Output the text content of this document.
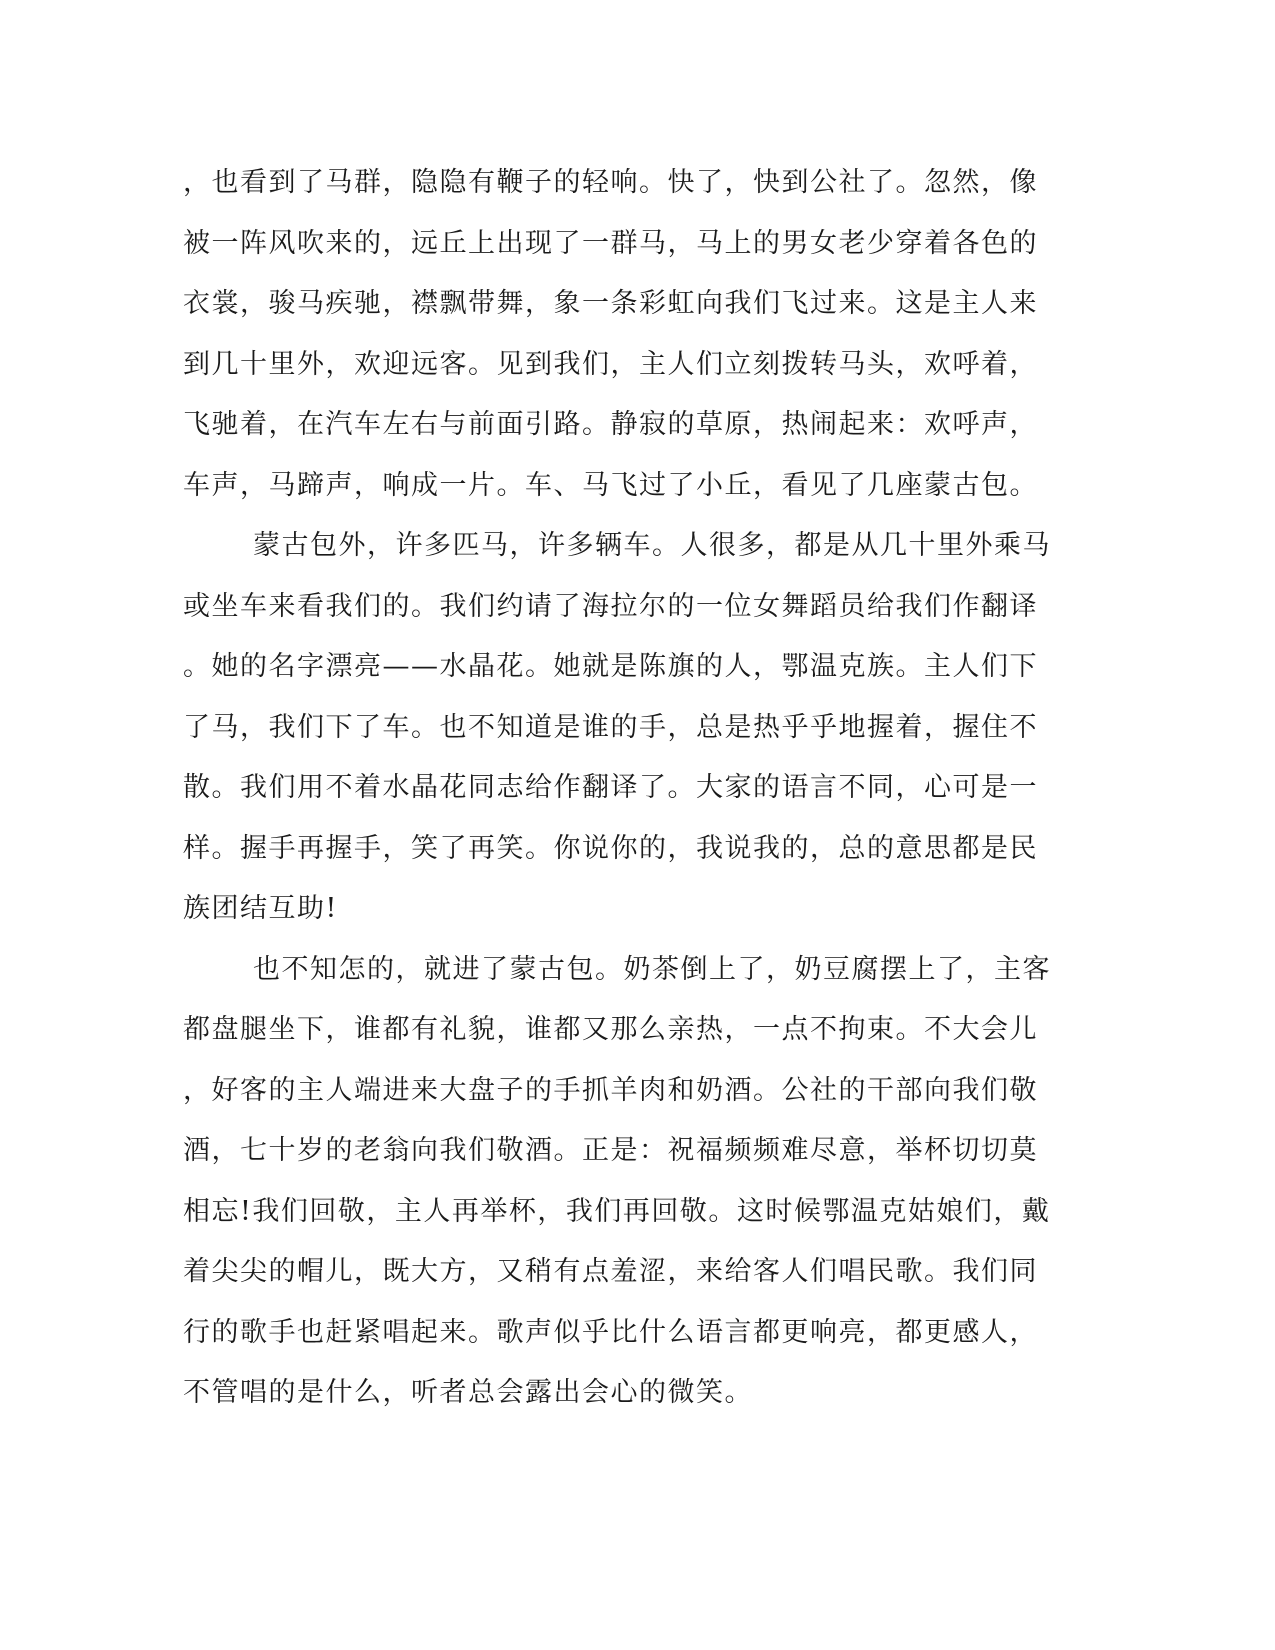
，也看到了马群，隐隐有鞭子的轻响。快了，快到公社了。忽然，像
被一阵风吹来的，远丘上出现了一群马，马上的男女老少穿着各色的
衣裳，骏马疾驰，襟飘带舞，象一条彩虹向我们飞过来。这是主人来
到几十里外，欢迎远客。见到我们，主人们立刻拨转马头，欢呼着，
飞驰着，在汽车左右与前面引路。静寂的草原，热闹起来：欢呼声，
车声，马蹄声，响成一片。车、马飞过了小丘，看见了几座蒙古包。
蒙古包外，许多匹马，许多辆车。人很多，都是从几十里外乘马
或坐车来看我们的。我们约请了海拉尔的一位女舞蹈员给我们作翻译
。她的名字漂亮——水晶花。她就是陈旗的人，鄂温克族。主人们下
了马，我们下了车。也不知道是谁的手，总是热乎乎地握着，握住不
散。我们用不着水晶花同志给作翻译了。大家的语言不同，心可是一
样。握手再握手，笑了再笑。你说你的，我说我的，总的意思都是民
族团结互助!
也不知怎的，就进了蒙古包。奶茶倒上了，奶豆腐摆上了，主客
都盘腿坐下，谁都有礼貌，谁都又那么亲热，一点不拘束。不大会儿
，好客的主人端进来大盘子的手抓羊肉和奶酒。公社的干部向我们敬
酒，七十岁的老翁向我们敬酒。正是：祝福频频难尽意，举杯切切莫
相忘!我们回敬，主人再举杯，我们再回敬。这时候鄂温克姑娘们，戴
着尖尖的帽儿，既大方，又稍有点羞涩，来给客人们唱民歌。我们同
行的歌手也赶紧唱起来。歌声似乎比什么语言都更响亮，都更感人，
不管唱的是什么，听者总会露出会心的微笑。
